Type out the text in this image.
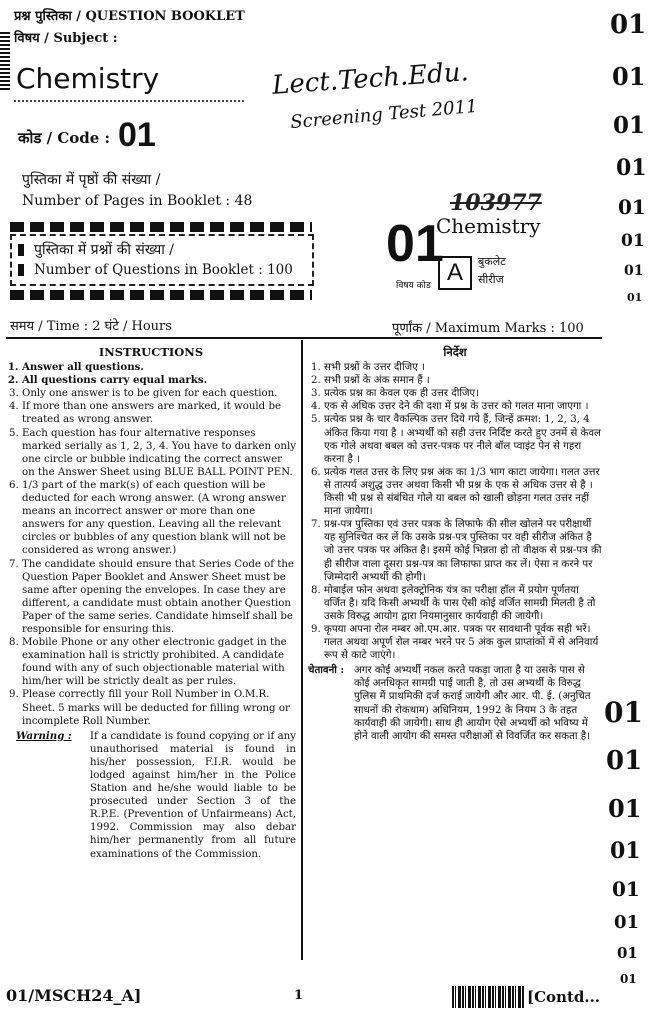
प्रश्न पुस्तिका / QUESTION BOOKLET
विषय / Subject :
Chemistry	Lect.Tech.Edu.
Screening Test 2011
कोड / Code : 01
01
01
01
01
01
01
01
01
पुस्तिका में पृष्ठों की संख्या /
Number of Pages in Booklet : 48
पुस्तिका में प्रश्नों की संख्या /
Number of Questions in Booklet : 100
103977
01
Chemistry
विषय कोड A	बुकलेट
सीरीज
समय / Time : 2 घंटे / Hours	पूर्णांक / Maximum Marks : 100
INSTRUCTIONS
1. Answer all questions.
2. All questions carry equal marks.
3. Only one answer is to be given for each question.
4. If more than one answers are marked, it would be treated as wrong answer.
5. Each question has four alternative responses marked serially as 1, 2, 3, 4. You have to darken only one circle or bubble indicating the correct answer on the Answer Sheet using BLUE BALL POINT PEN.
6. 1/3 part of the mark(s) of each question will be deducted for each wrong answer. (A wrong answer means an incorrect answer or more than one answers for any question. Leaving all the relevant circles or bubbles of any question blank will not be considered as wrong answer.)
7. The candidate should ensure that Series Code of the Question Paper Booklet and Answer Sheet must be same after opening the envelopes. In case they are different, a candidate must obtain another Question Paper of the same series. Candidate himself shall be responsible for ensuring this.
8. Mobile Phone or any other electronic gadget in the examination hall is strictly prohibited. A candidate found with any of such objectionable material with him/her will be strictly dealt as per rules.
9. Please correctly fill your Roll Number in O.M.R. Sheet. 5 marks will be deducted for filling wrong or incomplete Roll Number.
Warning :	If a candidate is found copying or if any unauthorised material is found in his/her possession, F.I.R. would be lodged against him/her in the Police Station and he/she would liable to be prosecuted under Section 3 of the R.P.E. (Prevention of Unfairmeans) Act, 1992. Commission may also debar him/her permanently from all future examinations of the Commission.
निर्देश
1. सभी प्रश्नों के उत्तर दीजिए ।
2. सभी प्रश्नों के अंक समान हैं ।
3. प्रत्येक प्रश्न का केवल एक ही उत्तर दीजिए।
4. एक से अधिक उत्तर देने की दशा में प्रश्न के उत्तर को गलत माना जाएगा ।
5. प्रत्येक प्रश्न के चार वैकल्पिक उत्तर दिये गये हैं, जिन्हें क्रमश: 1, 2, 3, 4 अंकित किया गया है । अभ्यर्थी को सही उत्तर निर्दिष्ट करते हुए उनमें से केवल एक गोले अथवा बबल को उत्तर-पत्रक पर नीले बॉल प्वाइंट पेन से गहरा करना है ।
6. प्रत्येक गलत उत्तर के लिए प्रश्न अंक का 1/3 भाग काटा जायेगा। गलत उत्तर से तात्पर्य अशुद्ध उत्तर अथवा किसी भी प्रश्न के एक से अधिक उत्तर से है । किसी भी प्रश्न से संबंधित गोले या बबल को खाली छोड़ना गलत उत्तर नहीं माना जायेगा।
7. प्रश्न-पत्र पुस्तिका एवं उत्तर पत्रक के लिफाफे की सील खोलने पर परीक्षार्थी यह सुनिश्चित कर लें कि उसके प्रश्न-पत्र पुस्तिका पर वही सीरीज अंकित है जो उत्तर पत्रक पर अंकित है। इसमें कोई भिन्नता हो तो वीक्षक से प्रश्न-पत्र की ही सीरीज वाला दूसरा प्रश्न-पत्र का लिफाफा प्राप्त कर लें। ऐसा न करने पर जिम्मेदारी अभ्यर्थी की होगी।
8. मोबाईल फोन अथवा इलेक्ट्रोनिक यंत्र का परीक्षा हॉल में प्रयोग पूर्णतया वर्जित है। यदि किसी अभ्यर्थी के पास ऐसी कोई वर्जित सामग्री मिलती है तो उसके विरुद्ध आयोग द्वारा नियमानुसार कार्यवाही की जायेगी।
9. कृपया अपना रोल नम्बर ओ.एम.आर. पत्रक पर सावधानी पूर्वक सही भरें। गलत अथवा अपूर्ण रोल नम्बर भरने पर 5 अंक कुल प्राप्तांकों में से अनिवार्य रूप से काटे जाएंगे।
चेतावनी : अगर कोई अभ्यर्थी नकल करते पकड़ा जाता है या उसके पास से कोई अनधिकृत सामग्री पाई जाती है, तो उस अभ्यर्थी के विरुद्ध पुलिस में प्राथमिकी दर्ज कराई जायेगी और आर. पी. ई. (अनुचित साधनों की रोकथाम) अधिनियम, 1992 के नियम 3 के तहत कार्यवाही की जायेगी। साथ ही आयोग ऐसे अभ्यर्थी को भविष्य में होने वाली आयोग की समस्त परीक्षाओं से विवर्जित कर सकता है।
01
01
01
01
01
01
01
01
01/MSCH24_A]	1	[Contd...
